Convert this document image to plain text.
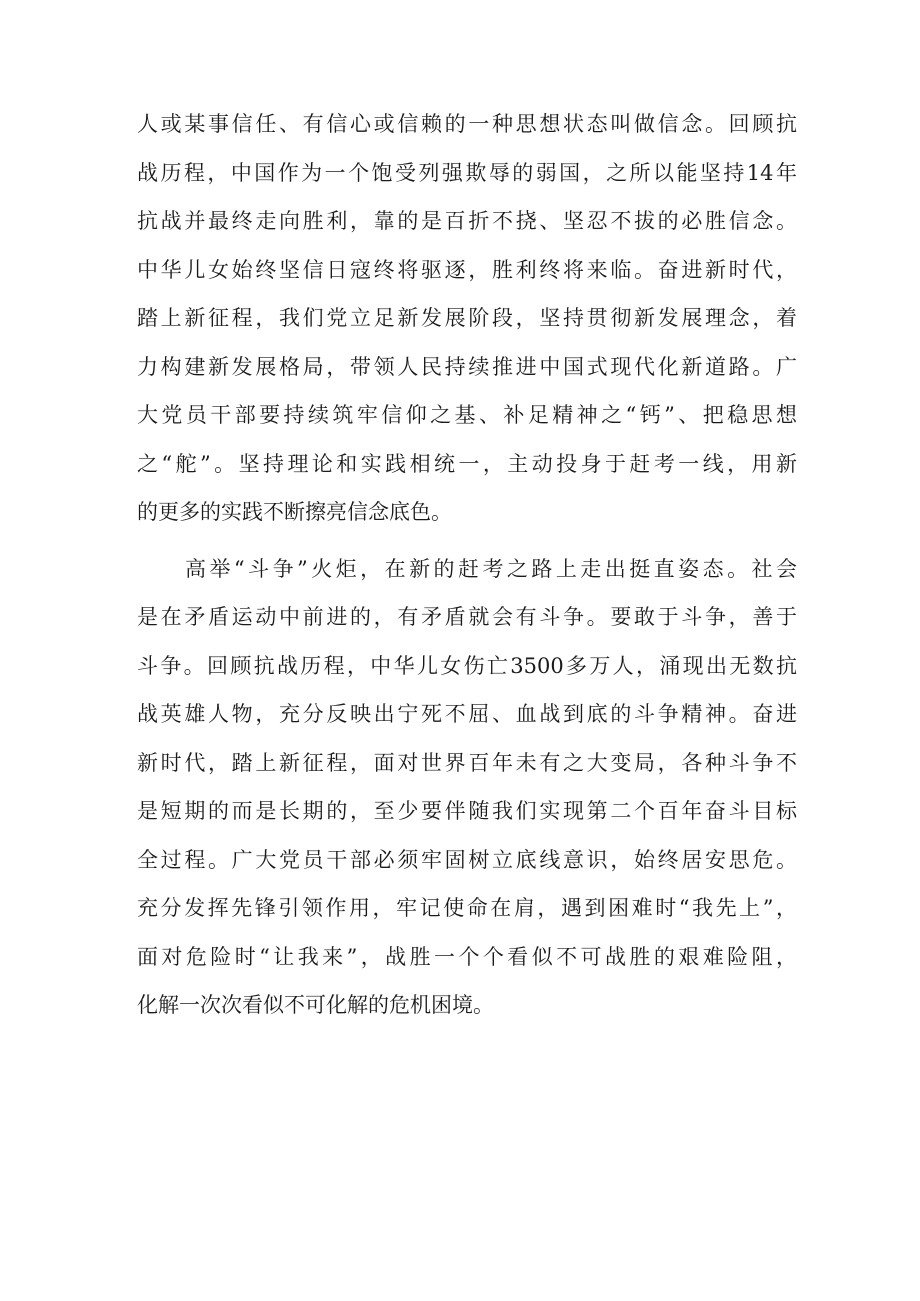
人或某事信任、有信心或信赖的一种思想状态叫做信念。回顾抗
战历程，中国作为一个饱受列强欺辱的弱国，之所以能坚持14年
抗战并最终走向胜利，靠的是百折不挠、坚忍不拔的必胜信念。
中华儿女始终坚信日寇终将驱逐，胜利终将来临。奋进新时代，
踏上新征程，我们党立足新发展阶段，坚持贯彻新发展理念，着
力构建新发展格局，带领人民持续推进中国式现代化新道路。广
大党员干部要持续筑牢信仰之基、补足精神之“钙”、把稳思想
之“舵”。坚持理论和实践相统一，主动投身于赶考一线，用新
的更多的实践不断擦亮信念底色。
高举“斗争”火炬，在新的赶考之路上走出挺直姿态。社会
是在矛盾运动中前进的，有矛盾就会有斗争。要敢于斗争，善于
斗争。回顾抗战历程，中华儿女伤亡3500多万人，涌现出无数抗
战英雄人物，充分反映出宁死不屈、血战到底的斗争精神。奋进
新时代，踏上新征程，面对世界百年未有之大变局，各种斗争不
是短期的而是长期的，至少要伴随我们实现第二个百年奋斗目标
全过程。广大党员干部必须牢固树立底线意识，始终居安思危。
充分发挥先锋引领作用，牢记使命在肩，遇到困难时“我先上”，
面对危险时“让我来”，战胜一个个看似不可战胜的艰难险阻，
化解一次次看似不可化解的危机困境。
